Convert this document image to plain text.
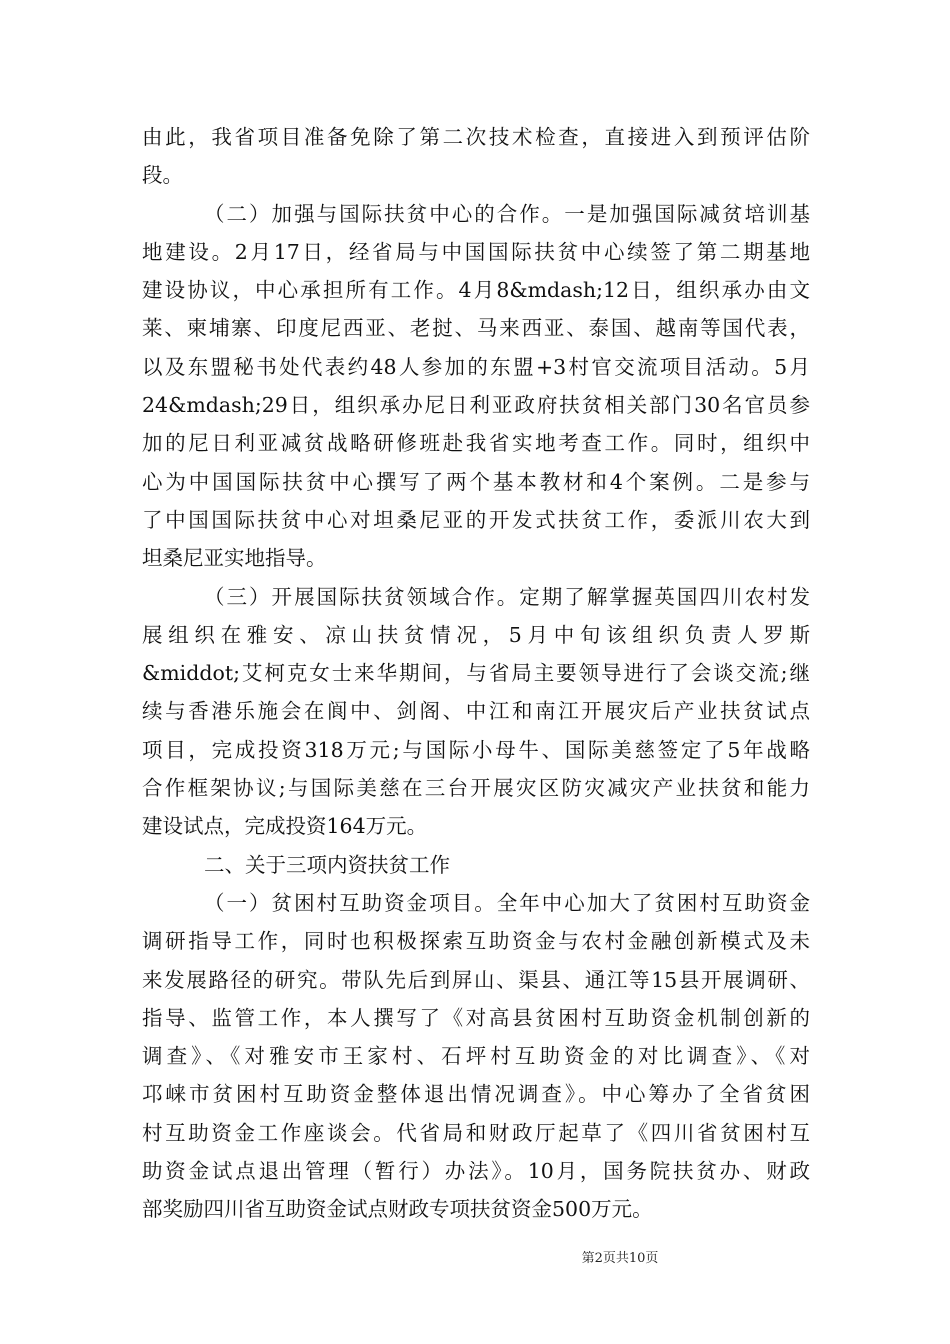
由此，我省项目准备免除了第二次技术检查，直接进入到预评估阶
段。
（二）加强与国际扶贫中心的合作。一是加强国际减贫培训基
地建设。2月17日，经省局与中国国际扶贫中心续签了第二期基地
建设协议，中心承担所有工作。4月8&mdash;12日，组织承办由文
莱、柬埔寨、印度尼西亚、老挝、马来西亚、泰国、越南等国代表，
以及东盟秘书处代表约48人参加的东盟+3村官交流项目活动。5月
24&mdash;29日，组织承办尼日利亚政府扶贫相关部门30名官员参
加的尼日利亚减贫战略研修班赴我省实地考查工作。同时，组织中
心为中国国际扶贫中心撰写了两个基本教材和4个案例。二是参与
了中国国际扶贫中心对坦桑尼亚的开发式扶贫工作，委派川农大到
坦桑尼亚实地指导。
（三）开展国际扶贫领域合作。定期了解掌握英国四川农村发
展组织在雅安、凉山扶贫情况，5月中旬该组织负责人罗斯
&middot;艾柯克女士来华期间，与省局主要领导进行了会谈交流;继
续与香港乐施会在阆中、剑阁、中江和南江开展灾后产业扶贫试点
项目，完成投资318万元;与国际小母牛、国际美慈签定了5年战略
合作框架协议;与国际美慈在三台开展灾区防灾减灾产业扶贫和能力
建设试点，完成投资164万元。
二、关于三项内资扶贫工作
（一）贫困村互助资金项目。全年中心加大了贫困村互助资金
调研指导工作，同时也积极探索互助资金与农村金融创新模式及未
来发展路径的研究。带队先后到屏山、渠县、通江等15县开展调研、
指导、监管工作，本人撰写了《对高县贫困村互助资金机制创新的
调查》、《对雅安市王家村、石坪村互助资金的对比调查》、《对
邛崃市贫困村互助资金整体退出情况调查》。中心筹办了全省贫困
村互助资金工作座谈会。代省局和财政厅起草了《四川省贫困村互
助资金试点退出管理（暂行）办法》。10月，国务院扶贫办、财政
部奖励四川省互助资金试点财政专项扶贫资金500万元。
第2页共10页
